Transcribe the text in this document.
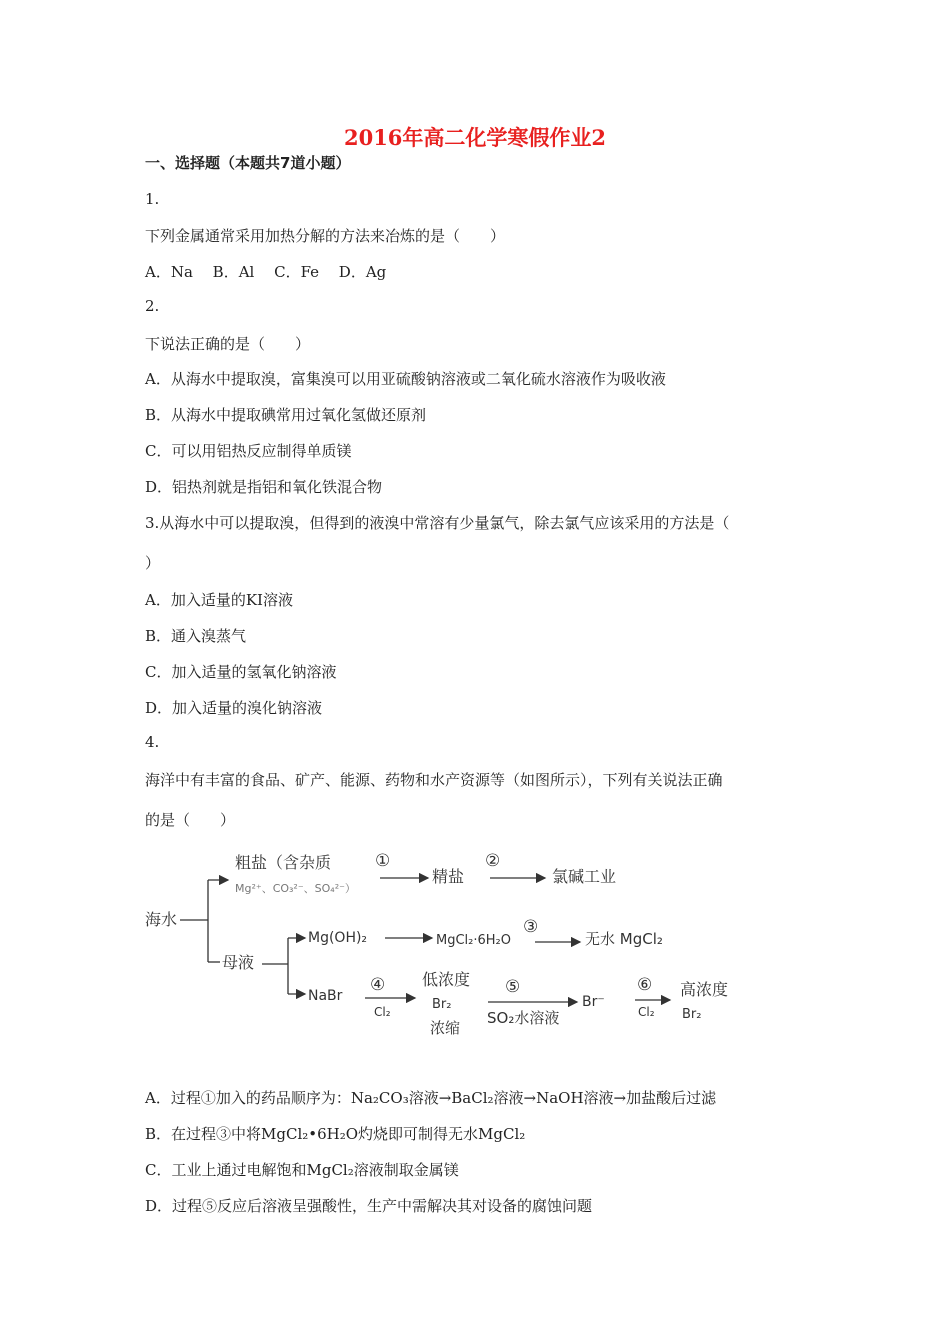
2016年高二化学寒假作业2
一、选择题（本题共7道小题）
1.
下列金属通常采用加热分解的方法来冶炼的是（　　）
A．Na　 B．Al　 C．Fe　 D．Ag
2.
下说法正确的是（　　）
A．从海水中提取溴，富集溴可以用亚硫酸钠溶液或二氧化硫水溶液作为吸收液
B．从海水中提取碘常用过氧化氢做还原剂
C．可以用铝热反应制得单质镁
D．铝热剂就是指铝和氧化铁混合物
3.从海水中可以提取溴，但得到的液溴中常溶有少量氯气，除去氯气应该采用的方法是（
）
A．加入适量的KI溶液
B．通入溴蒸气
C．加入适量的氢氧化钠溶液
D．加入适量的溴化钠溶液
4.
海洋中有丰富的食品、矿产、能源、药物和水产资源等（如图所示），下列有关说法正确
的是（　　）
海水
粗盐（含杂质
Mg²⁺、CO₃²⁻、SO₄²⁻）
①
精盐
②
氯碱工业
母液
Mg(OH)₂	MgCl₂·6H₂O
③
无水 MgCl₂
NaBr
④
Cl₂
低浓度
Br₂
浓缩
⑤
SO₂水溶液
Br⁻
⑥
Cl₂
高浓度
Br₂
A．过程①加入的药品顺序为：Na₂CO₃溶液→BaCl₂溶液→NaOH溶液→加盐酸后过滤
B．在过程③中将MgCl₂•6H₂O灼烧即可制得无水MgCl₂
C．工业上通过电解饱和MgCl₂溶液制取金属镁
D．过程⑤反应后溶液呈强酸性，生产中需解决其对设备的腐蚀问题
